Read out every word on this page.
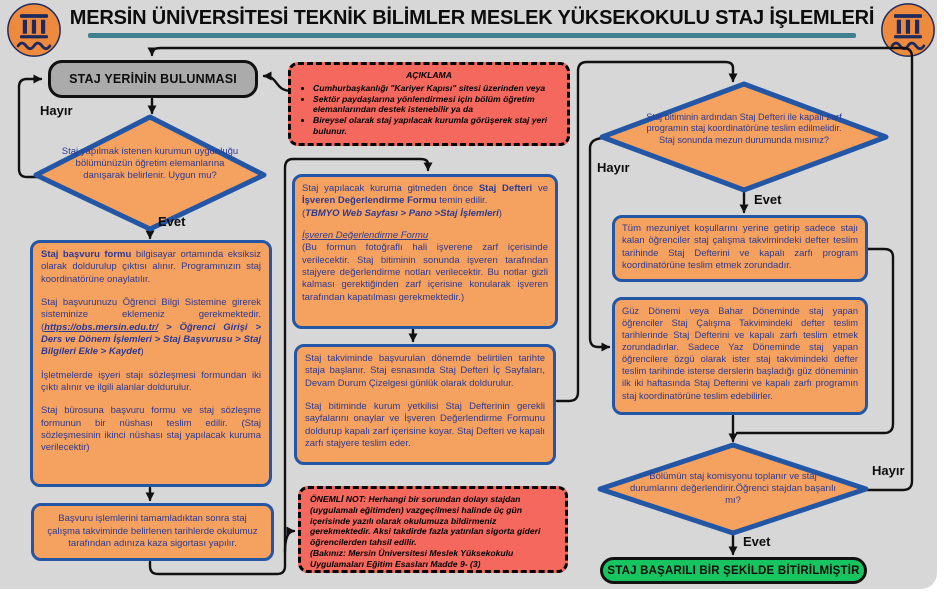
MERSİN ÜNİVERSİTESİ TEKNİK BİLİMLER MESLEK YÜKSEKOKULU STAJ İŞLEMLERİ
STAJ YERİNİN BULUNMASI
STAJ BAŞARILI BİR ŞEKİLDE BİTİRİLMİŞTİR

AÇIKLAMA

• Cumhurbaşkanlığı "Kariyer Kapısı" sitesi üzerinden veya
• Sektör paydaşlarına yönlendirmesi için bölüm öğretim elemanlarından destek istenebilir ya da
• Bireysel olarak staj yapılacak kurumla görüşerek staj yeri bulunur.
Staj yapılmak istenen kurumun uygunluğu bölümünüzün öğretim elemanlarına danışarak belirlenir. Uygun mu?
Staj bitiminin ardından Staj Defteri ile kapalı zarf programın staj koordinatörüne teslim edilmelidir. Staj sonunda mezun durumunda mısınız?
Bölümün staj komisyonu toplanır ve staj durumlarını değerlendirir.Öğrenci stajdan başarılı mı?

Staj başvuru formu bilgisayar ortamında eksiksiz olarak doldurulup çıktısı alınır. Programınızın staj koordinatörüne onaylatılır.

Staj başvurunuzu Öğrenci Bilgi Sistemine girerek sisteminize eklemeniz gerekmektedir. (https://obs.mersin.edu.tr/ > Öğrenci Girişi > Ders ve Dönem İşlemleri > Staj Başvurusu > Staj Bilgileri Ekle > Kaydet)

İşletmelerde işyeri stajı sözleşmesi formundan iki çıktı alınır ve ilgili alanlar doldurulur.

Staj bürosuna başvuru formu ve staj sözleşme formunun bir nüshası teslim edilir. (Staj sözleşmesinin ikinci nüshası staj yapılacak kuruma verilecektir)

Başvuru işlemlerini tamamladıktan sonra staj çalışma takviminde belirlenen tarihlerde okulumuz tarafından adınıza kaza sigortası yapılır.

Staj yapılacak kuruma gitmeden önce Staj Defteri ve İşveren Değerlendirme Formu temin edilir.
(TBMYO Web Sayfası > Pano >Staj İşlemleri)

İşveren Değerlendirme Formu
(Bu formun fotoğraflı hali işverene zarf içerisinde verilecektir. Staj bitiminin sonunda işveren tarafından stajyere değerlendirme notları verilecektir. Bu notlar gizli kalması gerektiğinden zarf içerisine konularak işveren tarafından kapatılması gerekmektedir.)

Staj takviminde başvurulan dönemde belirtilen tarihte staja başlanır. Staj esnasında Staj Defteri İç Sayfaları, Devam Durum Çizelgesi günlük olarak doldurulur.

Staj bitiminde kurum yetkilisi Staj Defterinin gerekli sayfalarını onaylar ve İşveren Değerlendirme Formunu doldurup kapalı zarf içerisine koyar. Staj Defteri ve kapalı zarfı stajyere teslim eder.

ÖNEMLİ NOT: Herhangi bir sorundan dolayı stajdan (uygulamalı eğitimden) vazgeçilmesi halinde üç gün içerisinde yazılı olarak okulumuza bildirmeniz gerekmektedir. Aksi takdirde fazla yatırılan sigorta gideri öğrencilerden tahsil edilir.

(Bakınız: Mersin Üniversitesi Meslek Yüksekokulu Uygulamaları Eğitim Esasları Madde 9- (3)

Tüm mezuniyet koşullarını yerine getirip sadece stajı kalan öğrenciler staj çalışma takvimindeki defter teslim tarihinde Staj Defterini ve kapalı zarfı program koordinatörüne teslim etmek zorundadır.
Güz Dönemi veya Bahar Döneminde staj yapan öğrenciler Staj Çalışma Takvimindeki defter teslim tarihlerinde Staj Defterini ve kapalı zarfı teslim etmek zorundadırlar. Sadece Yaz Döneminde staj yapan öğrencilere özgü olarak ister staj takvimindeki defter teslim tarihinde isterse derslerin başladığı güz döneminin ilk iki haftasında Staj Defterini ve kapalı zarfı programın staj koordinatörüne teslim edebilirler.
Hayır
Evet
Hayır
Evet
Hayır
Evet
